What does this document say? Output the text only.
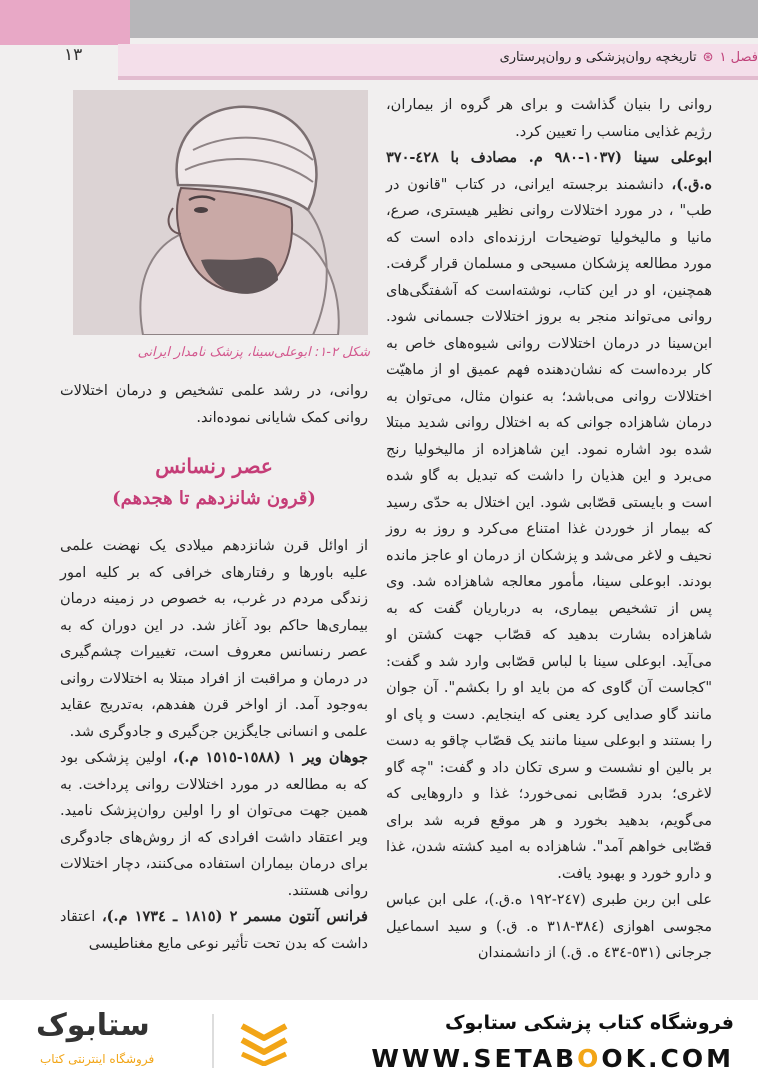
فصل ١⊛تاریخچه روان‌پزشکی و روان‌پرستاری
١٣
شکل ۲-١: ابوعلی‌سینا، پزشک نامدار ایرانی

روانی را بنیان گذاشت و برای هر گروه از بیماران، رژیم غذایی مناسب را تعیین کرد.

ابوعلی سینا (١٠٣٧-٩٨٠ م. مصادف با ٤٢٨-٣٧٠ ه.ق.)، دانشمند برجسته ایرانی، در کتاب "قانون در طب" ، در مورد اختلالات روانی نظیر هیستری، صرع، مانیا و مالیخولیا توضیحات ارزنده‌ای داده است که مورد مطالعه پزشکان مسیحی و مسلمان قرار گرفت. همچنین، او در این کتاب، نوشته‌است که آشفتگی‌های روانی می‌تواند منجر به بروز اختلالات جسمانی شود. ابن‌سینا در درمان اختلالات روانی شیوه‌های خاص به کار برده‌است که نشان‌دهنده فهم عمیق او از ماهیّت اختلالات روانی می‌باشد؛ به عنوان مثال، می‌توان به درمان شاهزاده جوانی که به اختلال روانی شدید مبتلا شده بود اشاره نمود. این شاهزاده از مالیخولیا رنج می‌برد و این هذیان را داشت که تبدیل به گاو شده است و بایستی قصّابی شود. این اختلال به حدّی رسید که بیمار از خوردن غذا امتناع می‌کرد و روز به روز نحیف و لاغر می‌شد و پزشکان از درمان او عاجز مانده بودند. ابوعلی سینا، مأمور معالجه شاهزاده شد. وی پس از تشخیص بیماری، به درباریان گفت که به شاهزاده بشارت بدهید که قصّاب جهت کشتن او می‌آید. ابوعلی سینا با لباس قصّابی وارد شد و گفت: "کجاست آن گاوی که من باید او را بکشم". آن جوان مانند گاو صدایی کرد یعنی که اینجایم. دست و پای او را بستند و ابوعلی سینا مانند یک قصّاب چاقو به دست بر بالین او نشست و سری تکان داد و گفت: "چه گاو لاغری؛ بدرد قصّابی نمی‌خورد؛ غذا و داروهایی که می‌گویم، بدهید بخورد و هر موقع فربه شد برای قصّابی خواهم آمد". شاهزاده به امید کشته شدن، غذا و دارو خورد و بهبود یافت.

علی ابن ربن طبری (٢٤٧-١٩٢ ه.ق.)، علی ابن عباس مجوسی اهوازی (٣٨٤-٣١٨ ه. ق.) و سید اسماعیل جرجانی (٥٣١-٤٣٤ ه. ق.) از دانشمندان

روانی، در رشد علمی تشخیص و درمان اختلالات روانی کمک شایانی نموده‌اند.

عصر رنسانس
(قرون شانزدهم تا هجدهم)

از اوائل قرن شانزدهم میلادی یک نهضت علمی علیه باورها و رفتارهای خرافی که بر کلیه امور زندگی مردم در غرب، به خصوص در زمینه درمان بیماری‌ها حاکم بود آغاز شد. در این دوران که به عصر رنسانس معروف است، تغییرات چشم‌گیری در درمان و مراقبت از افراد مبتلا به اختلالات روانی به‌وجود آمد. از اواخر قرن هفدهم، به‌تدریج عقاید علمی و انسانی جایگزین جن‌گیری و جادوگری شد.

جوهان ویر ١ (١٥٨٨-١٥١٥ م.)، اولین پزشکی بود که به مطالعه در مورد اختلالات روانی پرداخت. به همین جهت می‌توان او را اولین روان‌پزشک نامید. ویر اعتقاد داشت افرادی که از روش‌های جادوگری برای درمان بیماران استفاده می‌کنند، دچار اختلالات روانی هستند.

فرانس آنتون مسمر ٢ (١٨١٥ ـ ١٧٣٤ م.)، اعتقاد داشت که بدن تحت تأثیر نوعی مایع مغناطیسی

فروشگاه کتاب پزشکی ستابوک
WWW.SETABOOK.COM
ستابوک
فروشگاه اینترنتی کتاب
